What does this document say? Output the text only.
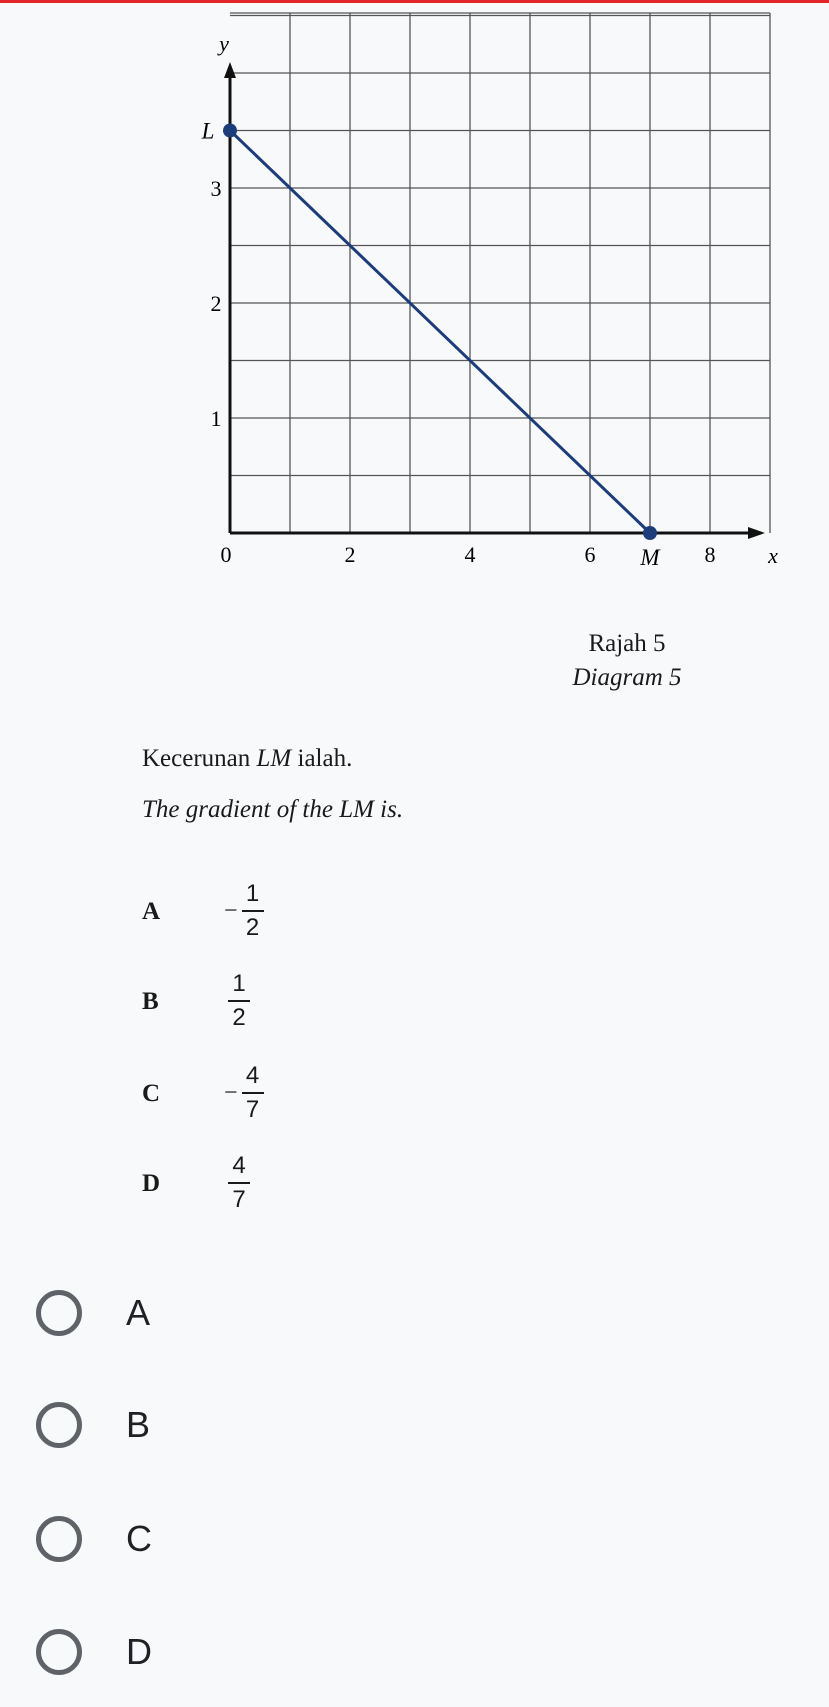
y
x
0	2	4	6	8
1
2
3
L
M
Rajah 5
Diagram 5
Kecerunan LM ialah.
The gradient of the LM is.
A	−
1
2
B
1
2
C	−
4
7
D
4
7
A
B
C
D
